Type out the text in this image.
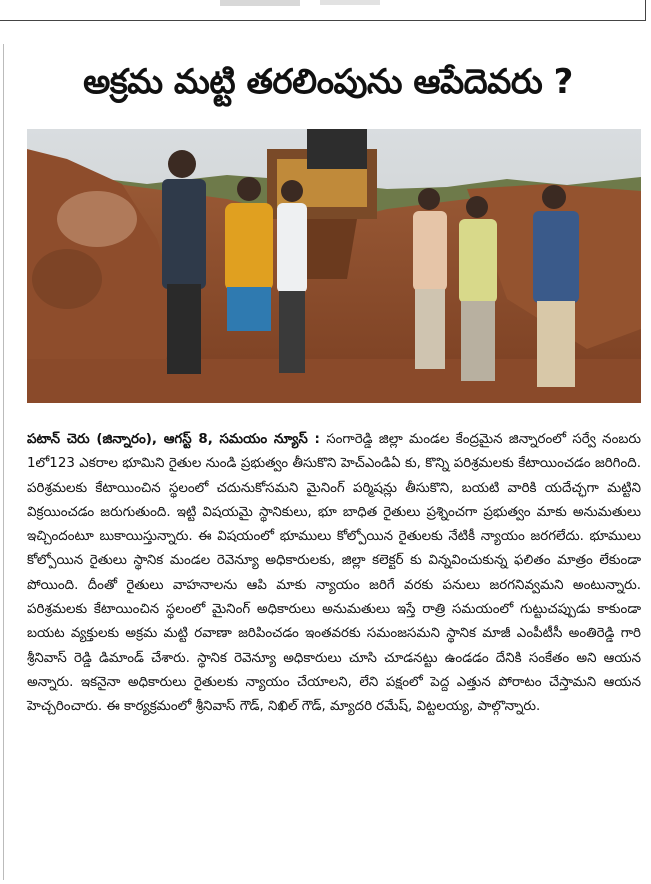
అక్రమ మట్టి తరలింపును ఆపేదెవరు ?

పటాన్ చెరు (జిన్నారం), ఆగస్ట్ 8, సమయం న్యూస్ : సంగారెడ్డి జిల్లా మండల కేంద్రమైన జిన్నారంలో సర్వే నంబరు 1లో123 ఎకరాల భూమిని రైతుల నుండి ప్రభుత్వం తీసుకొని హెచ్ఎండిఏ కు, కొన్ని పరిశ్రమలకు కేటాయించడం జరిగింది. పరిశ్రమలకు కేటాయించిన స్థలంలో చదునుకోసమని మైనింగ్ పర్మిషన్లు తీసుకొని, బయటి వారికి యదేచ్ఛగా మట్టిని విక్రయించడం జరుగుతుంది. ఇట్టి విషయమై స్థానికులు, భూ బాధిత రైతులు ప్రశ్నించగా ప్రభుత్వం మాకు అనుమతులు ఇచ్చిందంటూ బుకాయిస్తున్నారు. ఈ విషయంలో భూములు కోల్పోయిన రైతులకు నేటికీ న్యాయం జరగలేదు. భూములు కోల్పోయిన రైతులు స్థానిక మండల రెవెన్యూ అధికారులకు, జిల్లా కలెక్టర్ కు విన్నవించుకున్న ఫలితం మాత్రం లేకుండా పోయింది. దీంతో రైతులు వాహనాలను ఆపి మాకు న్యాయం జరిగే వరకు పనులు జరగనివ్వమని అంటున్నారు. పరిశ్రమలకు కేటాయించిన స్థలంలో మైనింగ్ అధికారులు అనుమతులు ఇస్తే రాత్రి సమయంలో గుట్టుచప్పుడు కాకుండా బయట వ్యక్తులకు అక్రమ మట్టి రవాణా జరిపించడం ఇంతవరకు సమంజసమని స్థానిక మాజీ ఎంపీటీసీ అంతిరెడ్డి గారి శ్రీనివాస్ రెడ్డి డిమాండ్ చేశారు. స్థానిక రెవెన్యూ అధికారులు చూసి చూడనట్టు ఉండడం దేనికి సంకేతం అని ఆయన అన్నారు. ఇకనైనా అధికారులు రైతులకు న్యాయం చేయాలని, లేని పక్షంలో పెద్ద ఎత్తున పోరాటం చేస్తామని ఆయన హెచ్చరించారు. ఈ కార్యక్రమంలో శ్రీనివాస్ గౌడ్, నిఖిల్ గౌడ్, మ్యాదరి రమేష్, విట్టలయ్య, పాల్గొన్నారు.
